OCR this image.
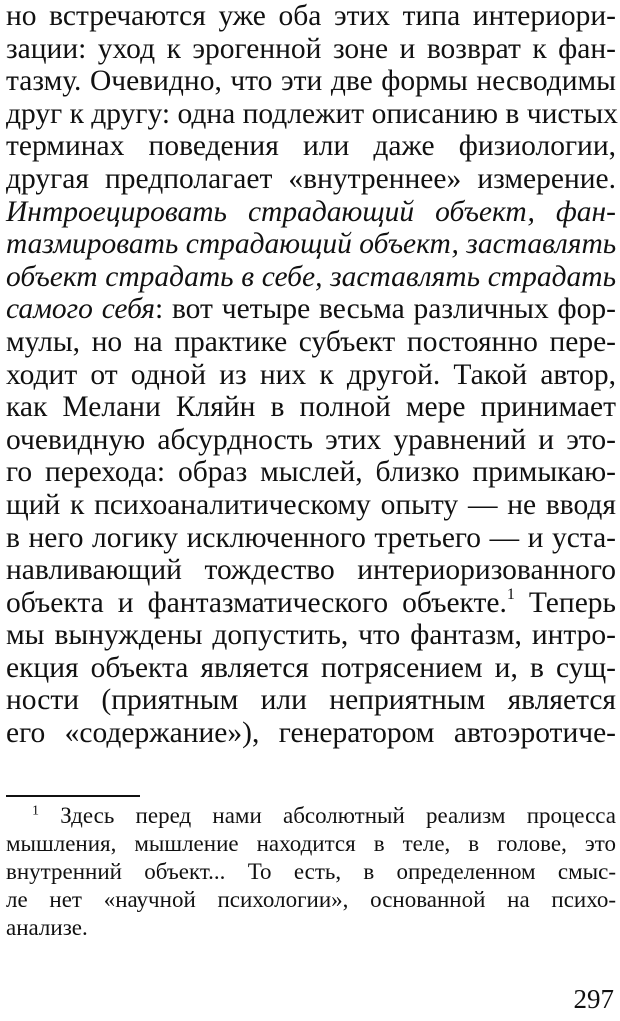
но встречаются уже оба этих типа интериори-
зации: уход к эрогенной зоне и возврат к фан-
тазму. Очевидно, что эти две формы несводимы
друг к другу: одна подлежит описанию в чистых
терминах поведения или даже физиологии,
другая предполагает «внутреннее» измерение.
Интроецировать страдающий объект, фан-
тазмировать страдающий объект, заставлять
объект страдать в себе, заставлять страдать
самого себя: вот четыре весьма различных фор-
мулы, но на практике субъект постоянно пере-
ходит от одной из них к другой. Такой автор,
как Мелани Кляйн в полной мере принимает
очевидную абсурдность этих уравнений и это-
го перехода: образ мыслей, близко примыкаю-
щий к психоаналитическому опыту — не вводя
в него логику исключенного третьего — и уста-
навливающий тождество интериоризованного
объекта и фантазматического объекте.$^1$ Теперь
мы вынуждены допустить, что фантазм, интро-
екция объекта является потрясением и, в сущ-
ности (приятным или неприятным является
его «содержание»), генератором автоэротиче-
$^1$ Здесь перед нами абсолютный реализм процесса
мышления, мышление находится в теле, в голове, это
внутренний объект... То есть, в определенном смыс-
ле нет «научной психологии», основанной на психо-
анализе.
297
